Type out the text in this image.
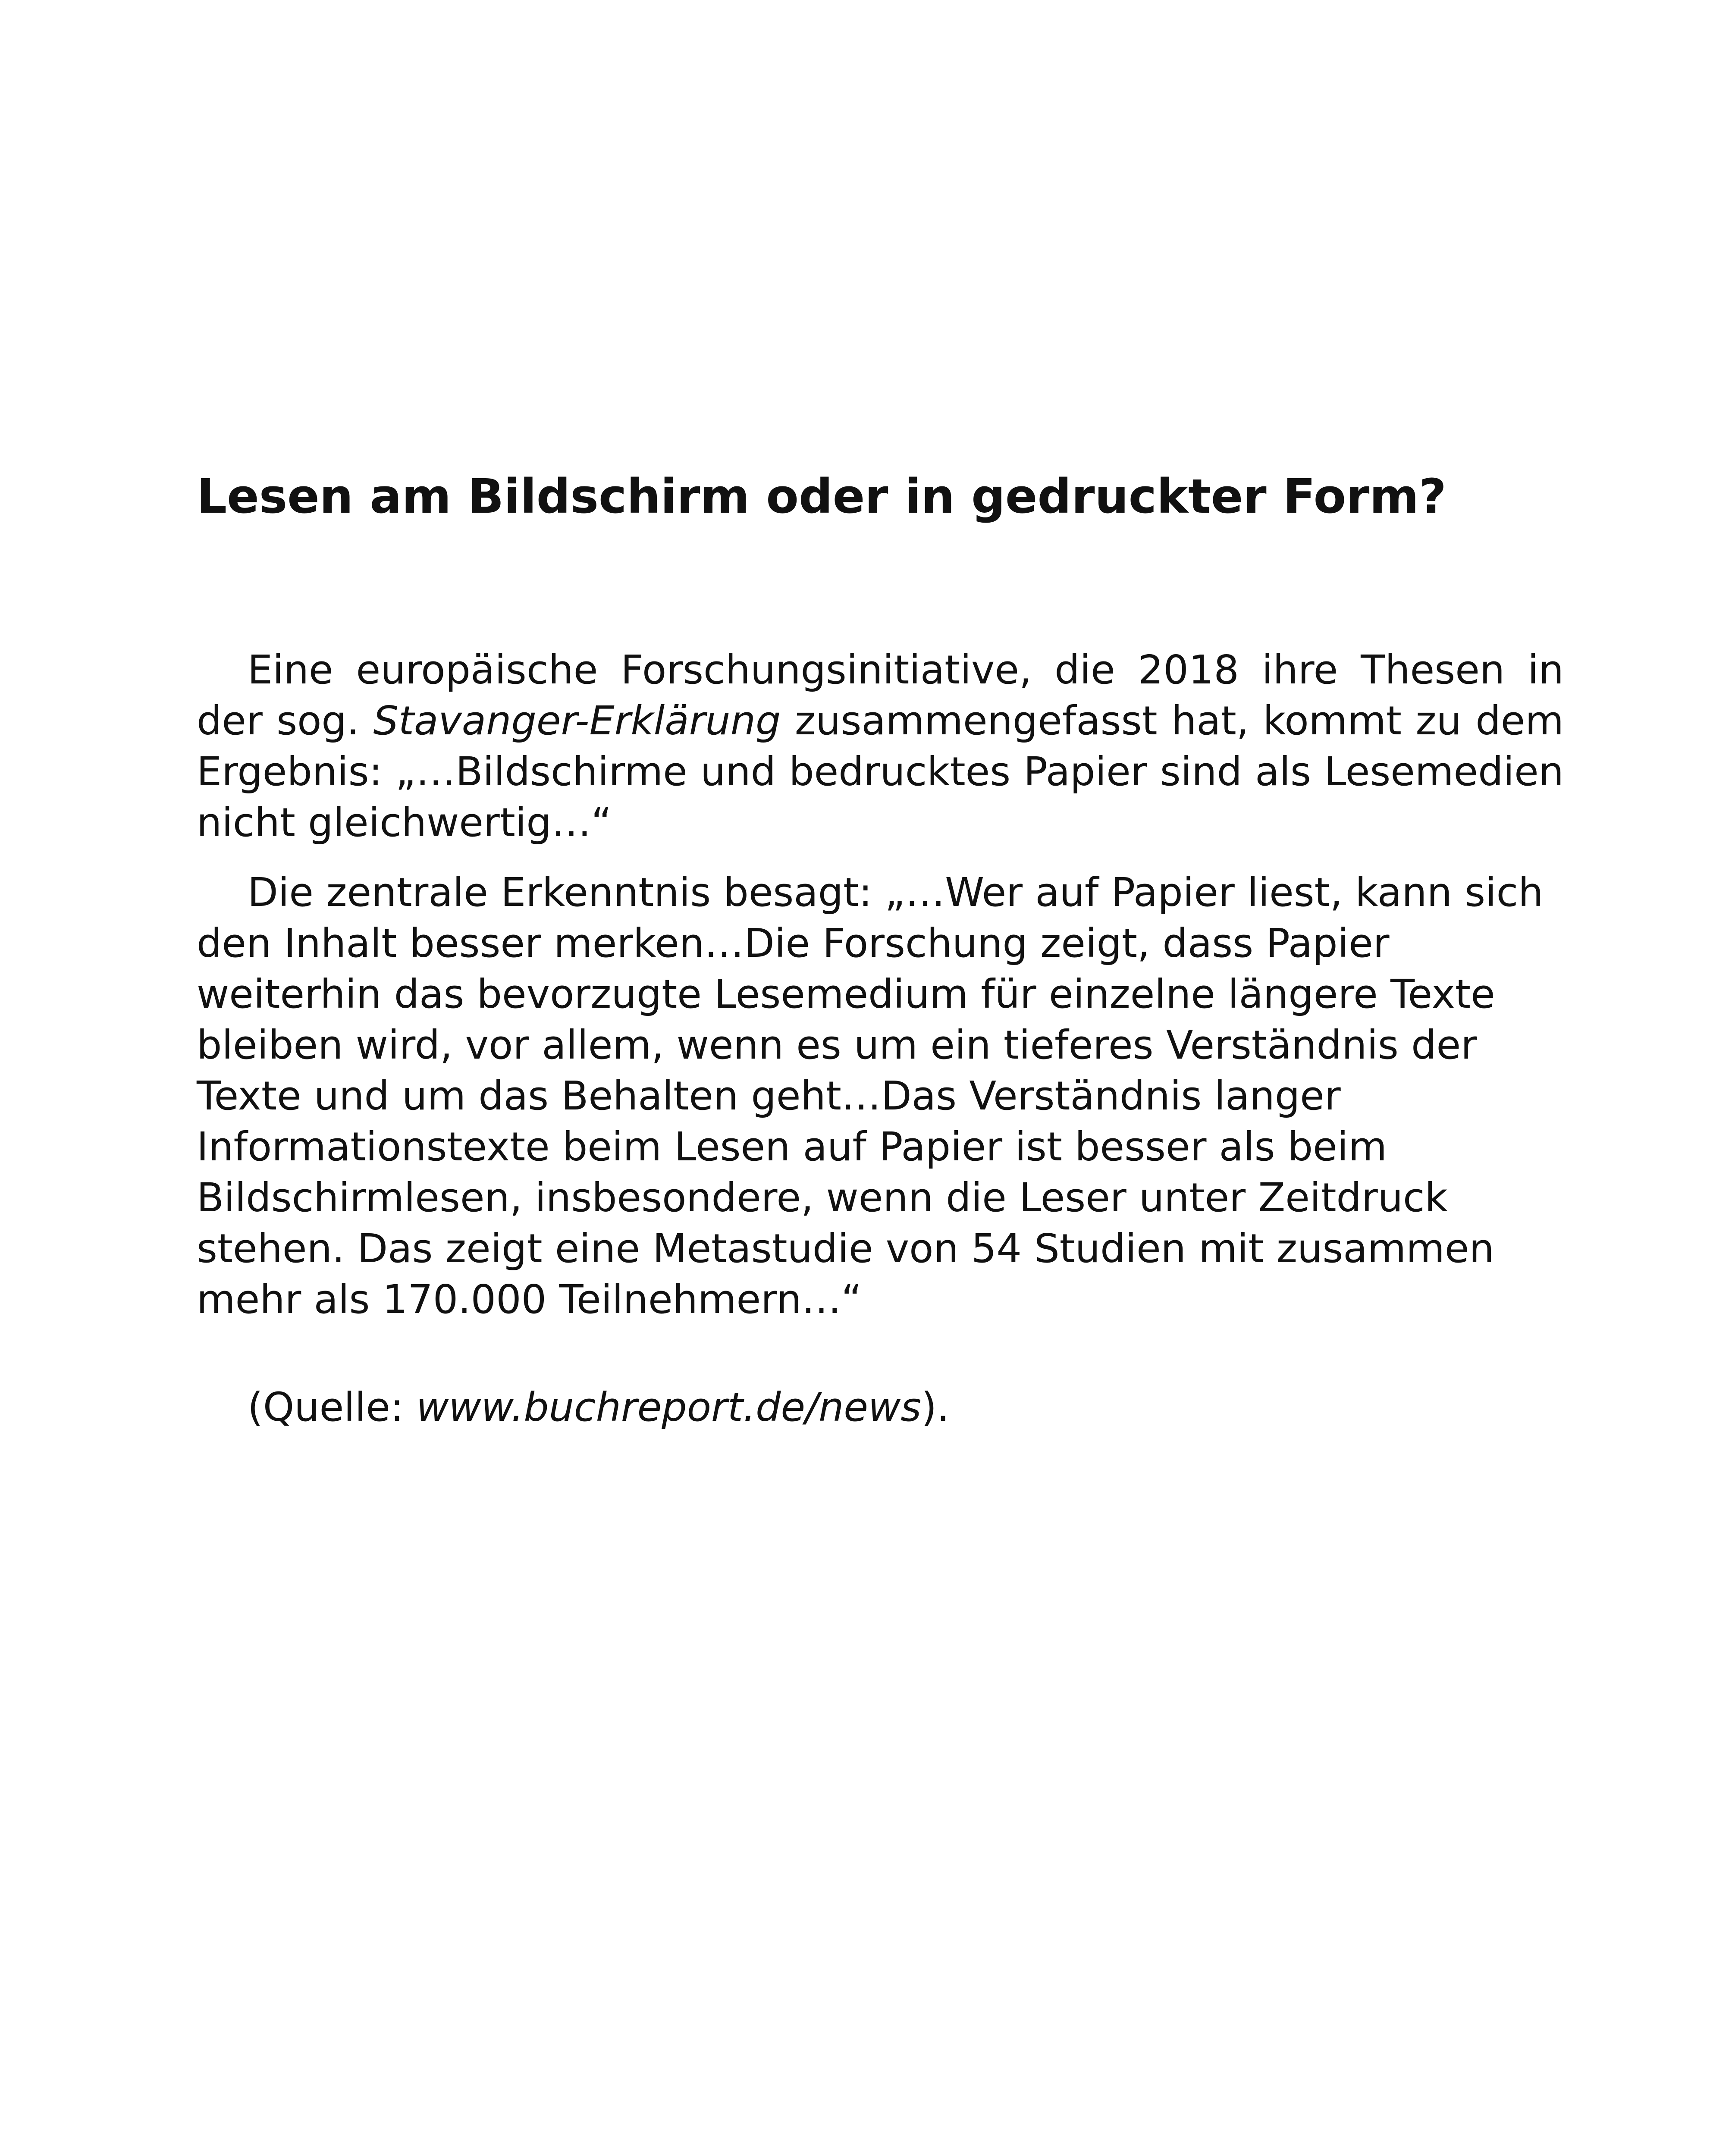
Lesen am Bildschirm oder in gedruckter Form?

Eine europäische Forschungsinitiative, die 2018 ihre Thesen in der sog. Stavanger-Erklärung zusammengefasst hat, kommt zu dem Ergebnis: „…Bildschirme und bedrucktes Papier sind als Lesemedien nicht gleichwertig…“

Die zentrale Erkenntnis besagt: „…Wer auf Papier liest, kann sich den Inhalt besser merken…Die Forschung zeigt, dass Papier weiterhin das bevorzugte Lesemedium für einzelne längere Texte bleiben wird, vor allem, wenn es um ein tieferes Verständnis der Texte und um das Behalten geht…Das Verständnis langer Informationstexte beim Lesen auf Papier ist besser als beim Bildschirmlesen, insbesondere, wenn die Leser unter Zeitdruck stehen. Das zeigt eine Metastudie von 54 Studien mit zusammen mehr als 170.000 Teilnehmern…“

(Quelle: www.buchreport.de/news).
